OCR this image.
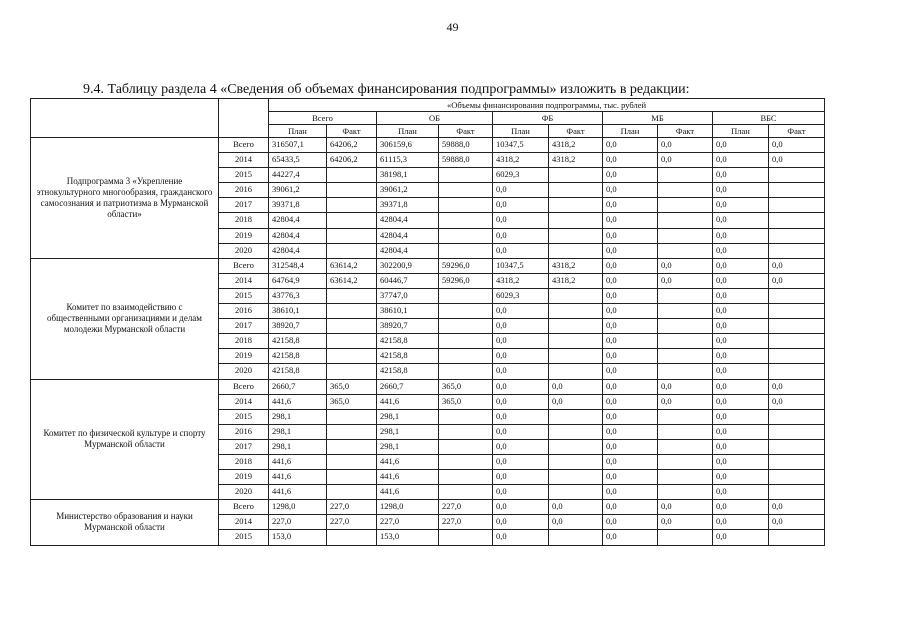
49
9.4. Таблицу раздела 4 «Сведения об объемах финансирования подпрограммы» изложить в редакции:
		«Объемы финансирования подпрограммы, тыс. рублей									
		Всего		ОБ		ФБ		МБ		ВБС	
		План	Факт	План	Факт	План	Факт	План	Факт	План	Факт
Подпрограмма 3 «Укрепление этнокультурного многообразия, гражданского самосознания и патриотизма в Мурманской области»	Всего	316507,1	64206,2	306159,6	59888,0	10347,5	4318,2	0,0	0,0	0,0	0,0
	2014	65433,5	64206,2	61115,3	59888,0	4318,2	4318,2	0,0	0,0	0,0	0,0
	2015	44227,4		38198,1		6029,3		0,0		0,0	
	2016	39061,2		39061,2		0,0		0,0		0,0	
	2017	39371,8		39371,8		0,0		0,0		0,0	
	2018	42804,4		42804,4		0,0		0,0		0,0	
	2019	42804,4		42804,4		0,0		0,0		0,0	
	2020	42804,4		42804,4		0,0		0,0		0,0	
Комитет по взаимодействию с общественными организациями и делам молодежи Мурманской области	Всего	312548,4	63614,2	302200,9	59296,0	10347,5	4318,2	0,0	0,0	0,0	0,0
	2014	64764,9	63614,2	60446,7	59296,0	4318,2	4318,2	0,0	0,0	0,0	0,0
	2015	43776,3		37747,0		6029,3		0,0		0,0	
	2016	38610,1		38610,1		0,0		0,0		0,0	
	2017	38920,7		38920,7		0,0		0,0		0,0	
	2018	42158,8		42158,8		0,0		0,0		0,0	
	2019	42158,8		42158,8		0,0		0,0		0,0	
	2020	42158,8		42158,8		0,0		0,0		0,0	
Комитет по физической культуре и спорту Мурманской области	Всего	2660,7	365,0	2660,7	365,0	0,0	0,0	0,0	0,0	0,0	0,0
	2014	441,6	365,0	441,6	365,0	0,0	0,0	0,0	0,0	0,0	0,0
	2015	298,1		298,1		0,0		0,0		0,0	
	2016	298,1		298,1		0,0		0,0		0,0	
	2017	298,1		298,1		0,0		0,0		0,0	
	2018	441,6		441,6		0,0		0,0		0,0	
	2019	441,6		441,6		0,0		0,0		0,0	
	2020	441,6		441,6		0,0		0,0		0,0	
Министерство образования и науки Мурманской области	Всего	1298,0	227,0	1298,0	227,0	0,0	0,0	0,0	0,0	0,0	0,0
	2014	227,0	227,0	227,0	227,0	0,0	0,0	0,0	0,0	0,0	0,0
	2015	153,0		153,0		0,0		0,0		0,0	
